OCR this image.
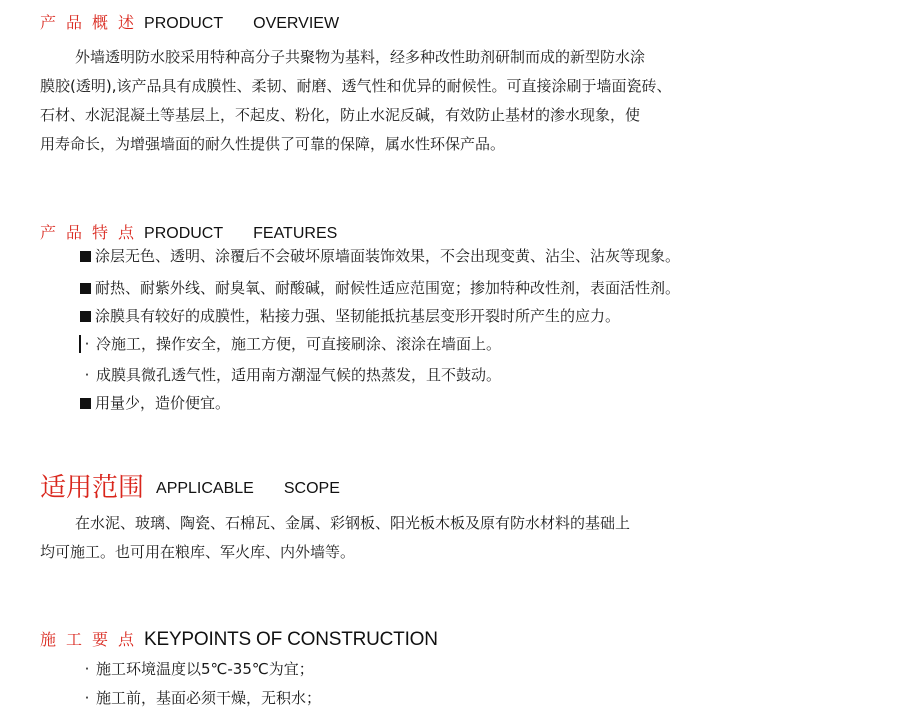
产品概述PRODUCT OVERVIEW
外墙透明防水胶采用特种高分子共聚物为基料，经多种改性助剂研制而成的新型防水涂
膜胶(透明),该产品具有成膜性、柔韧、耐磨、透气性和优异的耐候性。可直接涂刷于墙面瓷砖、
石材、水泥混凝土等基层上，不起皮、粉化，防止水泥反碱，有效防止基材的渗水现象，使
用寿命长，为增强墙面的耐久性提供了可靠的保障，属水性环保产品。
产品特点PRODUCT FEATURES
涂层无色、透明、涂覆后不会破坏原墙面装饰效果，不会出现变黄、沾尘、沾灰等现象。
耐热、耐紫外线、耐臭氧、耐酸碱，耐候性适应范围宽；掺加特种改性剂，表面活性剂。
涂膜具有较好的成膜性，粘接力强、坚韧能抵抗基层变形开裂时所产生的应力。
· 冷施工，操作安全，施工方便，可直接刷涂、滚涂在墙面上。
· 成膜具微孔透气性，适用南方潮湿气候的热蒸发，且不鼓动。
用量少，造价便宜。
适用范围 APPLICABLE SCOPE
在水泥、玻璃、陶瓷、石棉瓦、金属、彩钢板、阳光板木板及原有防水材料的基础上
均可施工。也可用在粮库、军火库、内外墙等。
施工要点KEYPOINTS OF CONSTRUCTION
· 施工环境温度以5℃-35℃为宜；
· 施工前，基面必须干燥，无积水；
